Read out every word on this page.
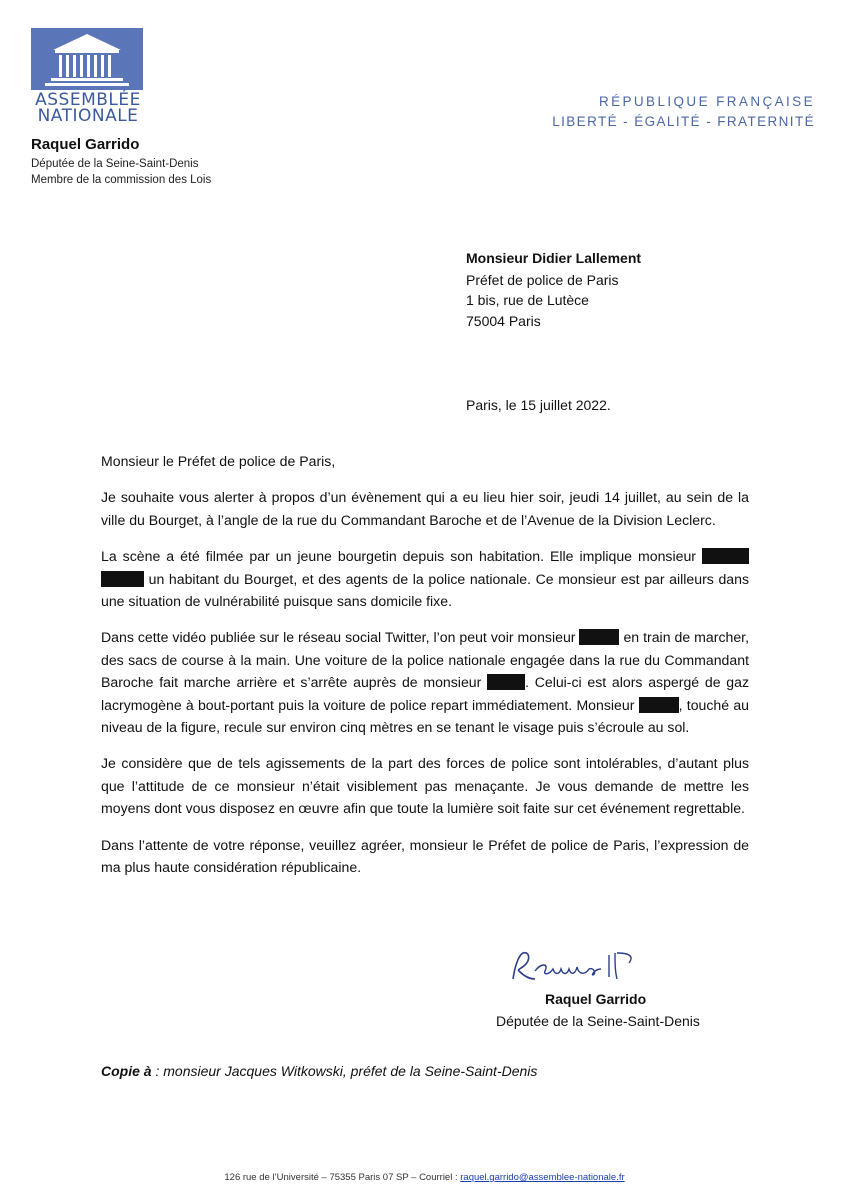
ASSEMBLÉE
NATIONALE
Raquel Garrido
Députée de la Seine-Saint-Denis
Membre de la commission des Lois
RÉPUBLIQUE FRANÇAISE
LIBERTÉ - ÉGALITÉ - FRATERNITÉ
Monsieur Didier Lallement
Préfet de police de Paris
1 bis, rue de Lutèce
75004 Paris
Paris, le 15 juillet 2022.

Monsieur le Préfet de police de Paris,

Je souhaite vous alerter à propos d’un évènement qui a eu lieu hier soir, jeudi 14 juillet, au sein de la ville du Bourget, à l’angle de la rue du Commandant Baroche et de l’Avenue de la Division Leclerc.

La scène a été filmée par un jeune bourgetin depuis son habitation. Elle implique monsieur   un habitant du Bourget, et des agents de la police nationale. Ce monsieur est par ailleurs dans une situation de vulnérabilité puisque sans domicile fixe.

Dans cette vidéo publiée sur le réseau social Twitter, l’on peut voir monsieur	en train de marcher, des sacs de course à la main. Une voiture de la police nationale engagée dans la rue du Commandant Baroche fait marche arrière et s’arrête auprès de monsieur	. Celui-ci est alors aspergé de gaz lacrymogène à bout-portant puis la voiture de police repart immédiatement. Monsieur	, touché au niveau de la figure, recule sur environ cinq mètres en se tenant le visage puis s’écroule au sol.

Je considère que de tels agissements de la part des forces de police sont intolérables, d’autant plus que l’attitude de ce monsieur n’était visiblement pas menaçante. Je vous demande de mettre les moyens dont vous disposez en œuvre afin que toute la lumière soit faite sur cet événement regrettable.

Dans l’attente de votre réponse, veuillez agréer, monsieur le Préfet de police de Paris, l’expression de ma plus haute considération républicaine.

Raquel Garrido
Députée de la Seine-Saint-Denis
Copie à : monsieur Jacques Witkowski, préfet de la Seine-Saint-Denis
126 rue de l’Université – 75355 Paris 07 SP – Courriel : raquel.garrido@assemblee-nationale.fr
